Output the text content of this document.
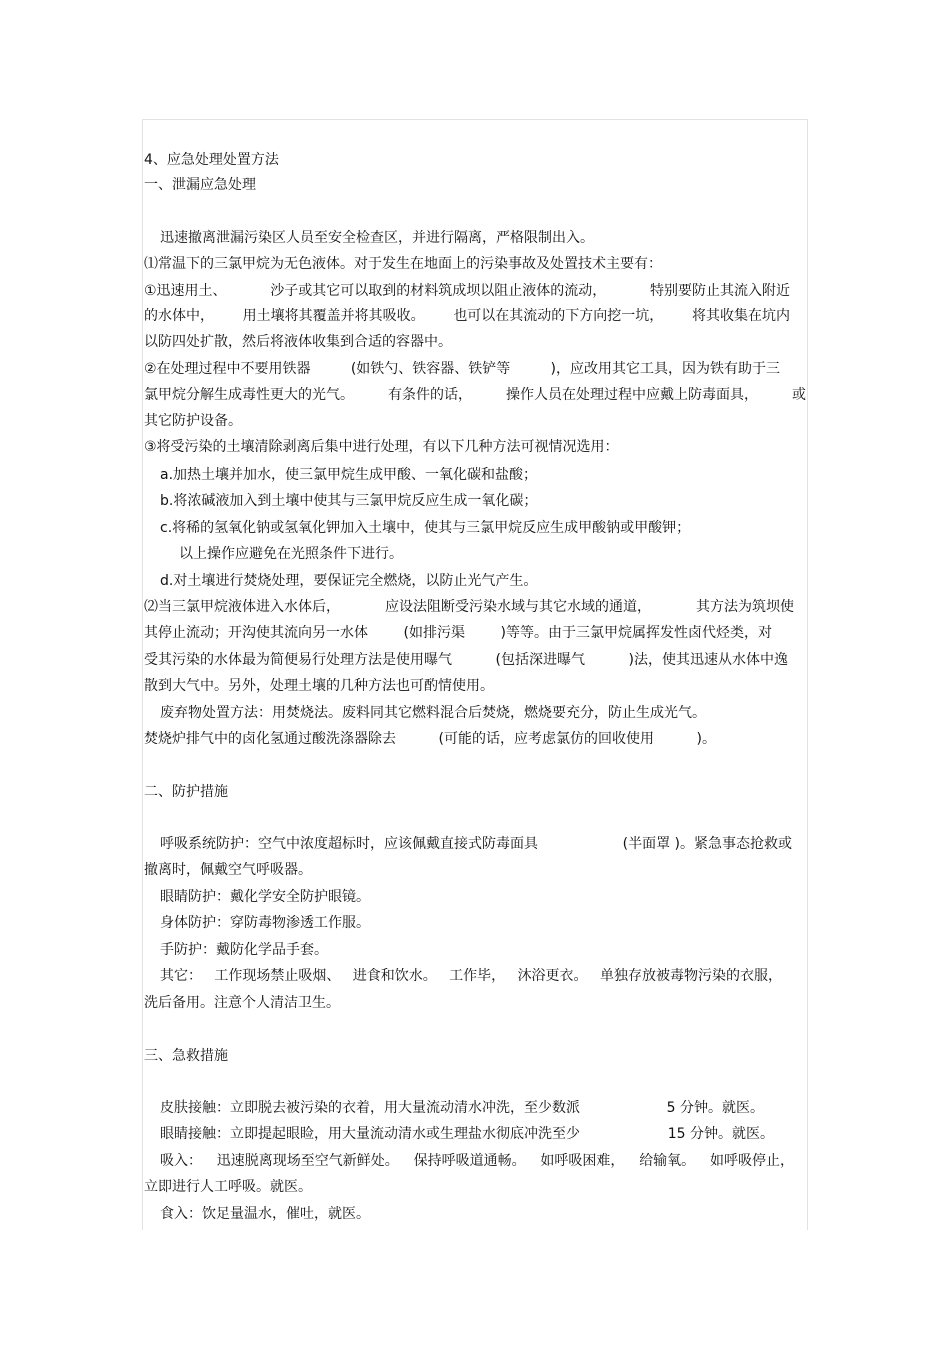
4、应急处理处置方法
一、泄漏应急处理
迅速撤离泄漏污染区人员至安全检查区，并进行隔离，严格限制出入。
⑴常温下的三氯甲烷为无色液体。对于发生在地面上的污染事故及处置技术主要有：
①迅速用土、	沙子或其它可以取到的材料筑成坝以阻止液体的流动，	特别要防止其流入附近
的水体中， 用土壤将其覆盖并将其吸收。 也可以在其流动的下方向挖一坑， 将其收集在坑内
以防四处扩散，然后将液体收集到合适的容器中。
②在处理过程中不要用铁器	(如铁勺、铁容器、铁铲等	)，应改用其它工具，因为铁有助于三
氯甲烷分解生成毒性更大的光气。 有条件的话， 操作人员在处理过程中应戴上防毒面具， 或
其它防护设备。
③将受污染的土壤清除剥离后集中进行处理，有以下几种方法可视情况选用：
a.加热土壤并加水，使三氯甲烷生成甲酸、一氧化碳和盐酸；
b.将浓碱液加入到土壤中使其与三氯甲烷反应生成一氧化碳；
c.将稀的氢氧化钠或氢氧化钾加入土壤中，使其与三氯甲烷反应生成甲酸钠或甲酸钾；
以上操作应避免在光照条件下进行。
d.对土壤进行焚烧处理，要保证完全燃烧，以防止光气产生。
⑵当三氯甲烷液体进入水体后，	应设法阻断受污染水域与其它水域的通道，	其方法为筑坝使
其停止流动；开沟使其流向另一水体	(如排污渠	)等等。由于三氯甲烷属挥发性卤代烃类，对
受其污染的水体最为简便易行处理方法是使用曝气	(包括深进曝气	)法，使其迅速从水体中逸
散到大气中。另外，处理土壤的几种方法也可酌情使用。
废弃物处置方法：用焚烧法。废料同其它燃料混合后焚烧，燃烧要充分，防止生成光气。
焚烧炉排气中的卤化氢通过酸洗涤器除去	(可能的话，应考虑氯仿的回收使用	)。
二、防护措施
呼吸系统防护：空气中浓度超标时，应该佩戴直接式防毒面具	(半面罩 )。紧急事态抢救或
撤离时，佩戴空气呼吸器。
眼睛防护：戴化学安全防护眼镜。
身体防护：穿防毒物渗透工作服。
手防护：戴防化学品手套。
其它： 工作现场禁止吸烟、 进食和饮水。 工作毕， 沐浴更衣。 单独存放被毒物污染的衣服，
洗后备用。注意个人清洁卫生。
三、急救措施
皮肤接触：立即脱去被污染的衣着，用大量流动清水冲洗，至少数派	5 分钟。就医。
眼睛接触：立即提起眼睑，用大量流动清水或生理盐水彻底冲洗至少	15 分钟。就医。
吸入： 迅速脱离现场至空气新鲜处。 保持呼吸道通畅。 如呼吸困难， 给输氧。 如呼吸停止，
立即进行人工呼吸。就医。
食入：饮足量温水，催吐，就医。
